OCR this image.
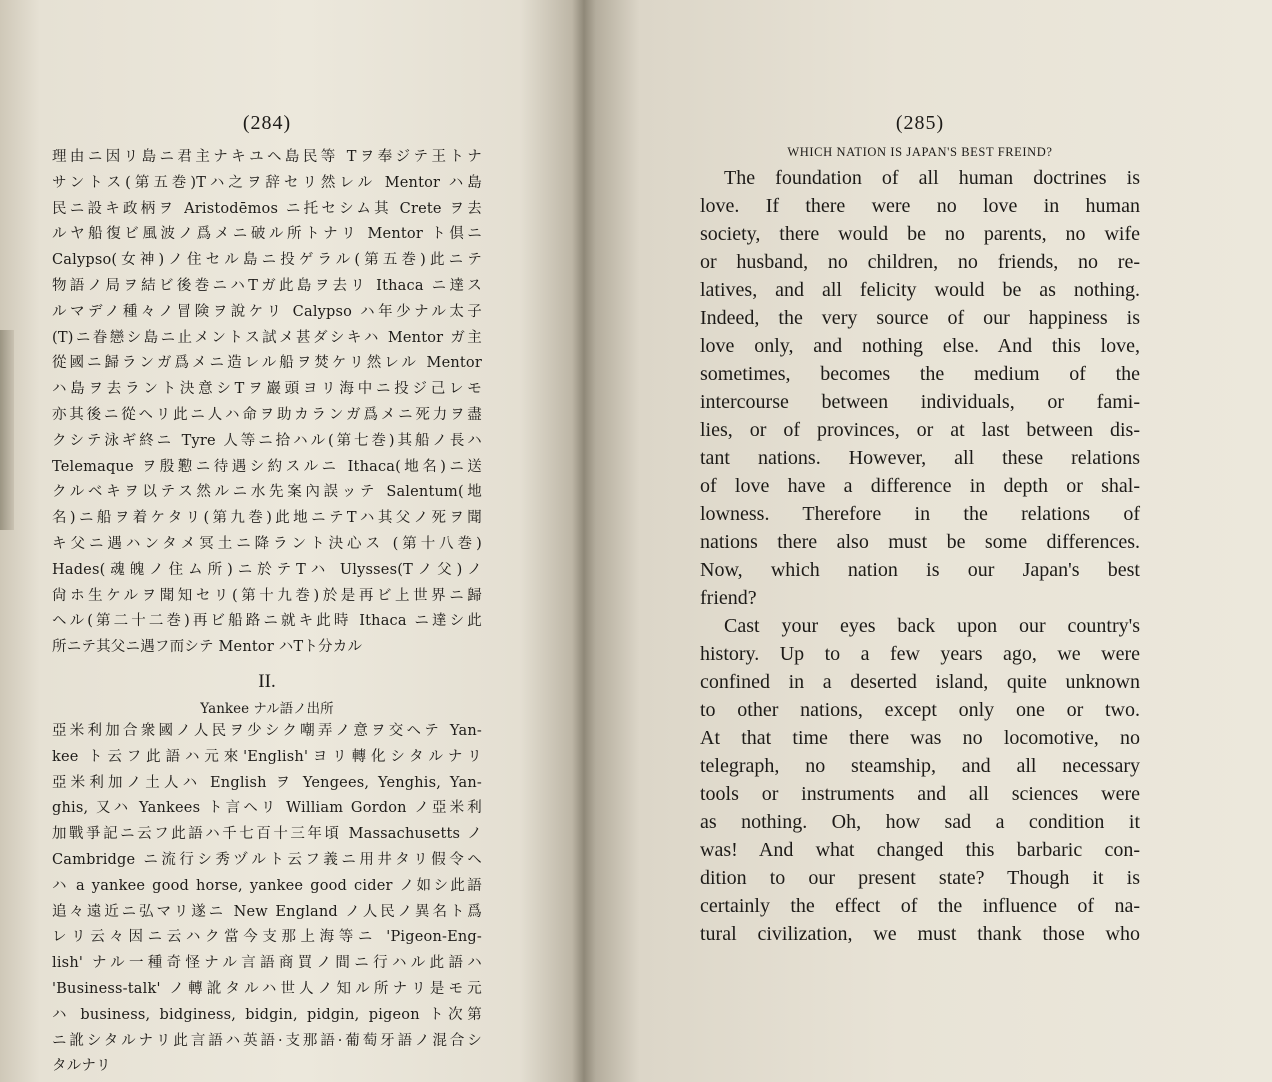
(284)
理由ニ因リ島ニ君主ナキユヘ島民等 Tヲ奉ジテ王トナ
サントス(第五巻)Tハ之ヲ辞セリ然レル Mentor ハ島
民ニ設キ政柄ヲ Aristodēmos ニ托セシム其 Crete ヲ去
ルヤ船復ビ風波ノ爲メニ破ル所トナリ Mentor ト倶ニ
Calypso(女神)ノ住セル島ニ投ゲラル(第五巻)此ニテ
物語ノ局ヲ結ビ後巻ニハTガ此島ヲ去リ Ithaca ニ達ス
ルマデノ種々ノ冒険ヲ說ケリ Calypso ハ年少ナル太子
(T)ニ眷戀シ島ニ止メントス試メ甚ダシキハ Mentor ガ主
從國ニ歸ランガ爲メニ造レル船ヲ焚ケリ然レル Mentor
ハ島ヲ去ラント決意シTヲ巖頭ヨリ海中ニ投ジ己レモ
亦其後ニ從ヘリ此ニ人ハ命ヲ助カランガ爲メニ死力ヲ盡
クシテ泳ギ終ニ Tyre 人等ニ拾ハル(第七巻)其船ノ長ハ
Telemaque ヲ殷懃ニ待遇シ約スルニ Ithaca(地名)ニ送
クルベキヲ以テス然ルニ水先案內誤ッテ Salentum(地
名)ニ船ヲ着ケタリ(第九巻)此地ニテTハ其父ノ死ヲ聞
キ父ニ遇ハンタメ冥土ニ降ラント決心ス (第十八巻)
Hades(魂魄ノ住ム所)ニ於テTハ Ulysses(Tノ父)ノ
尙ホ生ケルヲ聞知セリ(第十九巻)於是再ビ上世界ニ歸
ヘル(第二十二巻)再ビ船路ニ就キ此時 Ithaca ニ達シ此
所ニテ其父ニ遇フ而シテ Mentor ハTト分カル
II.
Yankee ナル語ノ出所
亞米利加合衆國ノ人民ヲ少シク嘲弄ノ意ヲ交ヘテ Yan-
kee ト云フ此語ハ元來'English'ヨリ轉化シタルナリ
亞米利加ノ土人ハ English ヲ Yengees, Yenghis, Yan-
ghis, 又ハ Yankees ト言ヘリ William Gordon ノ亞米利
加戰爭記ニ云フ此語ハ千七百十三年頃 Massachusetts ノ
Cambridge ニ流行シ秀ヅルト云フ義ニ用井タリ假令ヘ
ハ a yankee good horse, yankee good cider ノ如シ此語
追々遠近ニ弘マリ遂ニ New England ノ人民ノ異名ト爲
レリ云々因ニ云ハク當今支那上海等ニ 'Pigeon-Eng-
lish' ナル一種奇怪ナル言語商買ノ間ニ行ハル此語ハ
'Business-talk' ノ轉訛タルハ世人ノ知ル所ナリ是モ元
ハ business, bidginess, bidgin, pidgin, pigeon ト次第
ニ訛シタルナリ此言語ハ英語·支那語·葡萄牙語ノ混合シ
タルナリ
(285)
WHICH NATION IS JAPAN'S BEST FREIND?
The foundation of all human doctrines is
love. If there were no love in human
society, there would be no parents, no wife
or husband, no children, no friends, no re-
latives, and all felicity would be as nothing.
Indeed, the very source of our happiness is
love only, and nothing else. And this love,
sometimes, becomes the medium of the
intercourse between individuals, or fami-
lies, or of provinces, or at last between dis-
tant nations. However, all these relations
of love have a difference in depth or shal-
lowness. Therefore in the relations of
nations there also must be some differences.
Now, which nation is our Japan's best
friend?
Cast your eyes back upon our country's
history. Up to a few years ago, we were
confined in a deserted island, quite unknown
to other nations, except only one or two.
At that time there was no locomotive, no
telegraph, no steamship, and all necessary
tools or instruments and all sciences were
as nothing. Oh, how sad a condition it
was! And what changed this barbaric con-
dition to our present state? Though it is
certainly the effect of the influence of na-
tural civilization, we must thank those who
